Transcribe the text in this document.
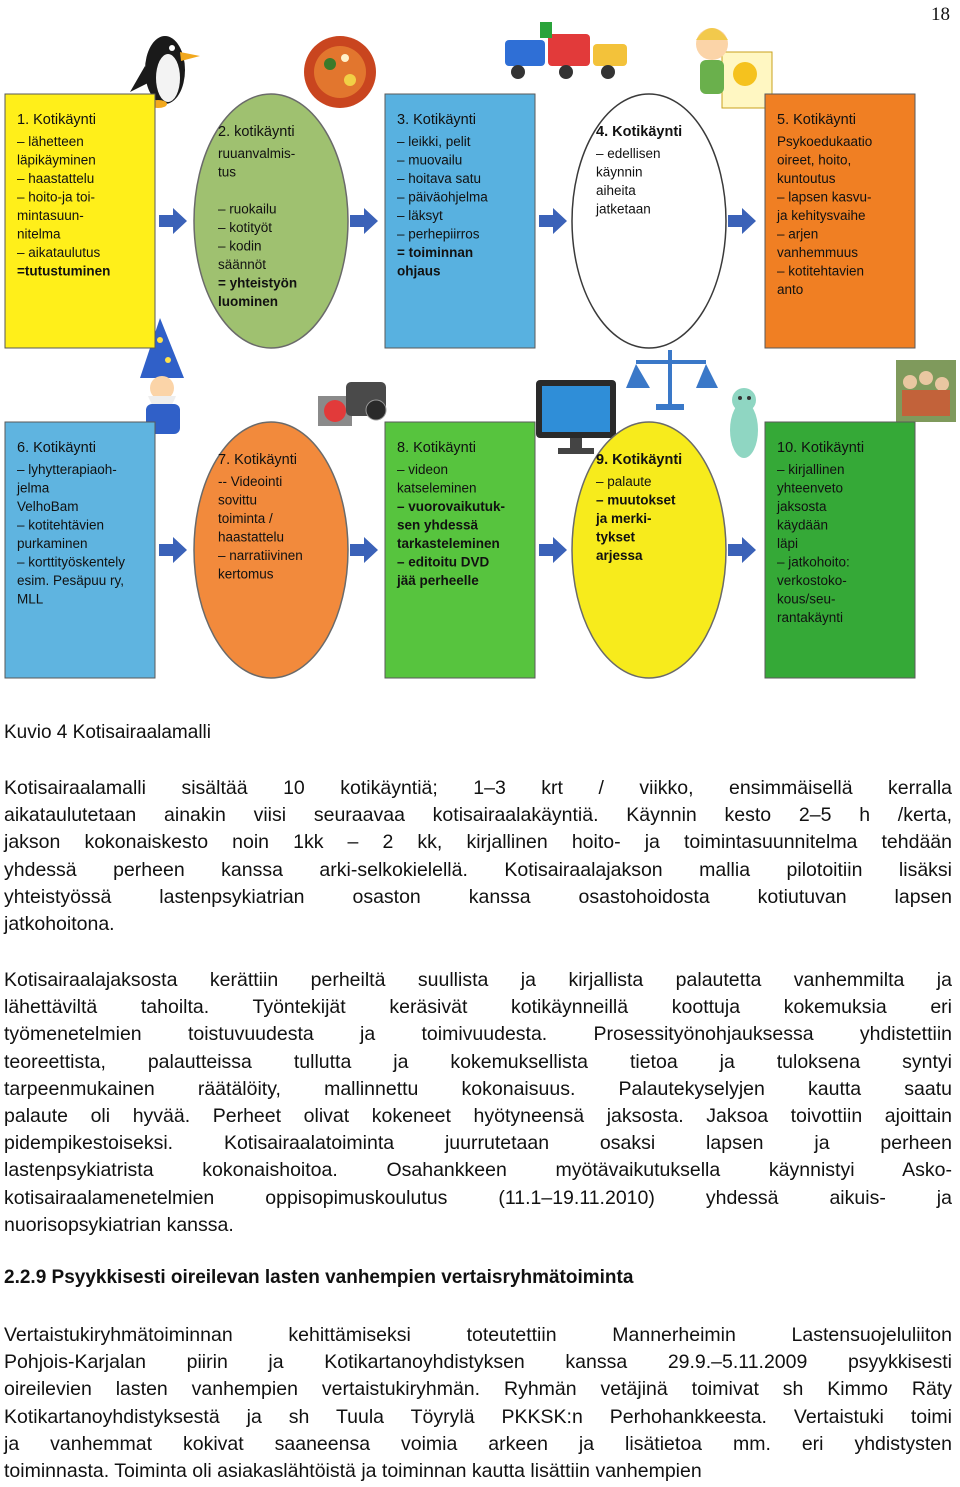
18
1. Kotikäynti
– lähetteen
läpikäyminen
– haastattelu
– hoito-ja toi-
mintasuun-
nitelma
– aikataulutus
=tutustuminen
2. kotikäynti
ruuanvalmis-
tus
– ruokailu
– kotityöt
– kodin
säännöt
= yhteistyön
luominen
3. Kotikäynti
– leikki, pelit
– muovailu
– hoitava satu
– päiväohjelma
– läksyt
– perhepiirros
= toiminnan
ohjaus
4. Kotikäynti
– edellisen
käynnin
aiheita
jatketaan
5. Kotikäynti
Psykoedukaatio
oireet, hoito,
kuntoutus
– lapsen kasvu-
ja kehitysvaihe
– arjen
vanhemmuus
– kotitehtavien
anto
6. Kotikäynti
– lyhytterapiaoh-
jelma
VelhoBam
– kotitehtävien
purkaminen
– korttityöskentely
esim. Pesäpuu ry,
MLL
7. Kotikäynti
-- Videointi
sovittu
toiminta /
haastattelu
– narratiivinen
kertomus
8. Kotikäynti
– videon
katseleminen
– vuorovaikutuk-
sen yhdessä
tarkasteleminen
– editoitu DVD
jää perheelle
9. Kotikäynti
– palaute
– muutokset
ja merki-
tykset
arjessa
10. Kotikäynti
– kirjallinen
yhteenveto
jaksosta
käydään
läpi
– jatkohoito:
verkostoko-
kous/seu-
rantakäynti
Kuvio 4 Kotisairaalamalli
Kotisairaalamalli sisältää 10 kotikäyntiä; 1–3 krt / viikko, ensimmäisellä kerralla
aikataulutetaan ainakin viisi seuraavaa kotisairaalakäyntiä. Käynnin kesto 2–5 h /kerta,
jakson kokonaiskesto noin 1kk – 2 kk, kirjallinen hoito- ja toimintasuunnitelma tehdään
yhdessä perheen kanssa arki-selkokielellä. Kotisairaalajakson mallia pilotoitiin lisäksi
yhteistyössä lastenpsykiatrian osaston kanssa osastohoidosta kotiutuvan lapsen
jatkohoitona.
Kotisairaalajaksosta kerättiin perheiltä suullista ja kirjallista palautetta vanhemmilta ja
lähettäviltä tahoilta. Työntekijät keräsivät kotikäynneillä koottuja kokemuksia eri
työmenetelmien toistuvuudesta ja toimivuudesta. Prosessityönohjauksessa yhdistettiin
teoreettista, palautteissa tullutta ja kokemuksellista tietoa ja tuloksena syntyi
tarpeenmukainen räätälöity, mallinnettu kokonaisuus. Palautekyselyjen kautta saatu
palaute oli hyvää. Perheet olivat kokeneet hyötyneensä jaksosta. Jaksoa toivottiin ajoittain
pidempikestoiseksi. Kotisairaalatoiminta juurrutetaan osaksi lapsen ja perheen
lastenpsykiatrista kokonaishoitoa. Osahankkeen myötävaikutuksella käynnistyi Asko-
kotisairaalamenetelmien oppisopimuskoulutus (11.1–19.11.2010) yhdessä aikuis- ja
nuorisopsykiatrian kanssa.
2.2.9 Psyykkisesti oireilevan lasten vanhempien vertaisryhmätoiminta
Vertaistukiryhmätoiminnan kehittämiseksi toteutettiin Mannerheimin Lastensuojeluliiton
Pohjois-Karjalan piirin ja Kotikartanoyhdistyksen kanssa 29.9.–5.11.2009 psyykkisesti
oireilevien lasten vanhempien vertaistukiryhmän. Ryhmän vetäjinä toimivat sh Kimmo Räty
Kotikartanoyhdistyksestä ja sh Tuula Töyrylä PKKSK:n Perhohankkeesta. Vertaistuki toimi
ja vanhemmat kokivat saaneensa voimia arkeen ja lisätietoa mm. eri yhdistysten
toiminnasta. Toiminta oli asiakaslähtöistä ja toiminnan kautta lisättiin vanhempien
